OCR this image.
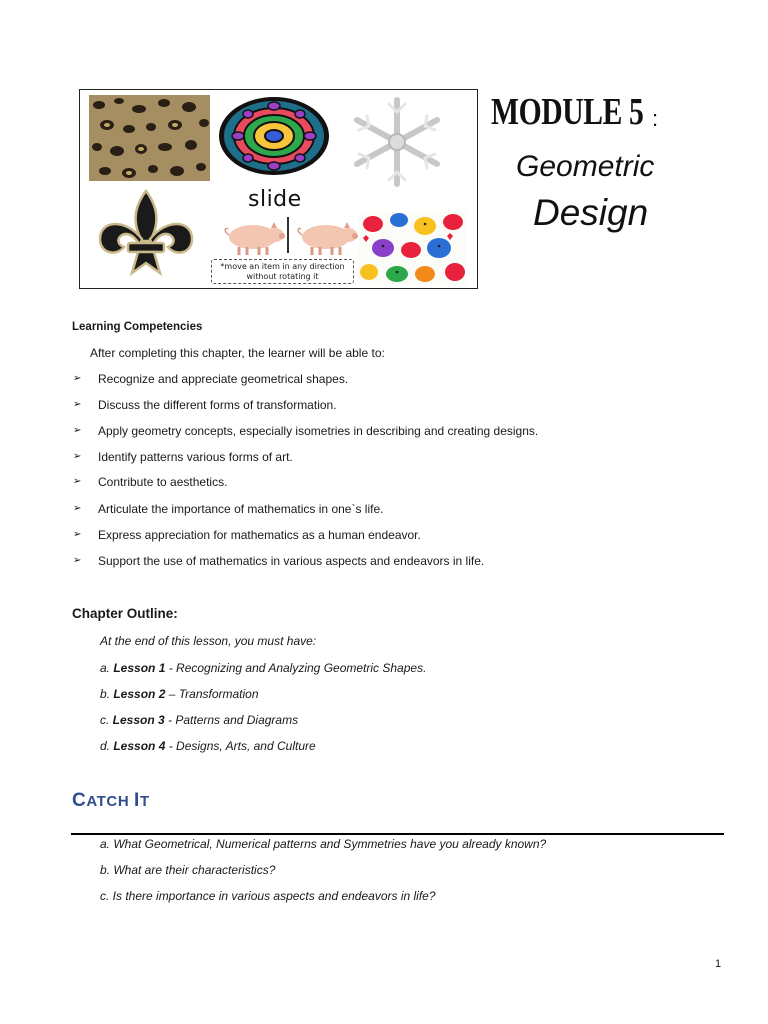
slide
*move an item in any direction
without rotating it
MODULE 5 :
Geometric
Design
Learning Competencies
After completing this chapter, the learner will be able to:
➢ Recognize and appreciate geometrical shapes.
➢ Discuss the different forms of transformation.
➢ Apply geometry concepts, especially isometries in describing and creating designs.
➢ Identify patterns various forms of art.
➢ Contribute to aesthetics.
➢ Articulate the importance of mathematics in one`s life.
➢ Express appreciation for mathematics as a human endeavor.
➢ Support the use of mathematics in various aspects and endeavors in life.
Chapter Outline:
At the end of this lesson, you must have:
a. Lesson 1 - Recognizing and Analyzing Geometric Shapes.
b. Lesson 2 – Transformation
c. Lesson 3 - Patterns and Diagrams
d. Lesson 4 - Designs, Arts, and Culture
CATCH IT
a. What Geometrical, Numerical patterns and Symmetries have you already known?
b. What are their characteristics?
c. Is there importance in various aspects and endeavors in life?
1
